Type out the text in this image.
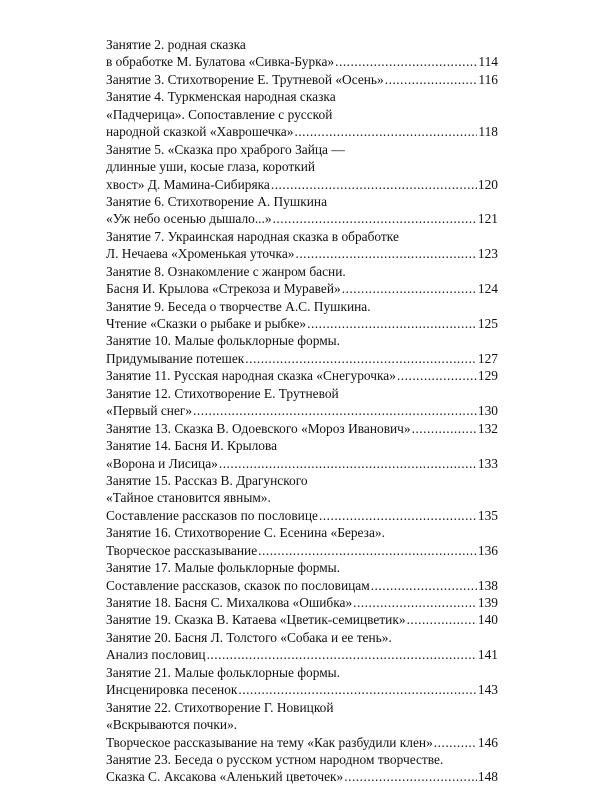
Занятие 2. родная сказка
в обработке М. Булатова «Сивка-Бурка» .....	114
Занятие 3. Стихотворение Е. Трутневой «Осень» .....	116
Занятие 4. Туркменская народная сказка
«Падчерица». Сопоставление с русской
народной сказкой «Хаврошечка» .....	118
Занятие 5. «Сказка про храброго Зайца —
длинные уши, косые глаза, короткий
хвост» Д. Мамина-Сибиряка .....	120
Занятие 6. Стихотворение А. Пушкина
«Уж небо осенью дышало...» .....	121
Занятие 7. Украинская народная сказка в обработке
Л. Нечаева «Хроменькая уточка» .....	123
Занятие 8. Ознакомление с жанром басни.
Басня И. Крылова «Стрекоза и Муравей» .....	124
Занятие 9. Беседа о творчестве А.С. Пушкина.
Чтение «Сказки о рыбаке и рыбке» .....	125
Занятие 10. Малые фольклорные формы.
Придумывание потешек .....	127
Занятие 11. Русская народная сказка «Снегурочка» .....	129
Занятие 12. Стихотворение Е. Трутневой
«Первый снег» .....	130
Занятие 13. Сказка В. Одоевского «Мороз Иванович» .....	132
Занятие 14. Басня И. Крылова
«Ворона и Лисица» .....	133
Занятие 15. Рассказ В. Драгунского
«Тайное становится явным».
Составление рассказов по пословице .....	135
Занятие 16. Стихотворение С. Есенина «Береза».
Творческое рассказывание .....	136
Занятие 17. Малые фольклорные формы.
Составление рассказов, сказок по пословицам .....	138
Занятие 18. Басня С. Михалкова «Ошибка» .....	139
Занятие 19. Сказка В. Катаева «Цветик-семицветик» .....	140
Занятие 20. Басня Л. Толстого «Собака и ее тень».
Анализ пословиц .....	141
Занятие 21. Малые фольклорные формы.
Инсценировка песенок .....	143
Занятие 22. Стихотворение Г. Новицкой
«Вскрываются почки».
Творческое рассказывание на тему «Как разбудили клен» .....	146
Занятие 23. Беседа о русском устном народном творчестве.
Сказка С. Аксакова «Аленький цветочек» .....	148
